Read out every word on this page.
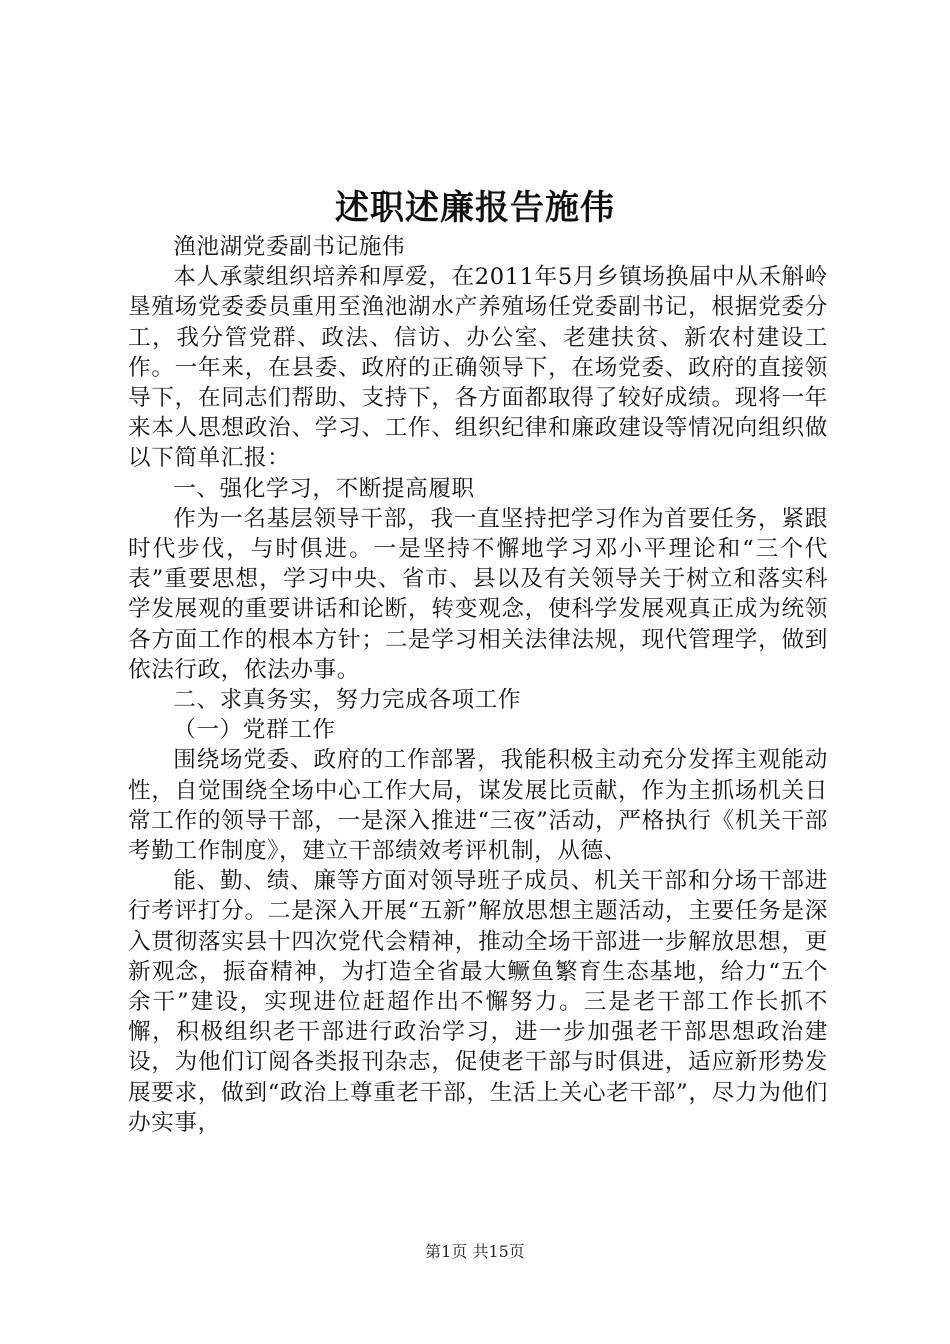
述职述廉报告施伟

渔池湖党委副书记施伟

本人承蒙组织培养和厚爱，在2011年5月乡镇场换届中从禾斛岭垦殖场党委委员重用至渔池湖水产养殖场任党委副书记，根据党委分工，我分管党群、政法、信访、办公室、老建扶贫、新农村建设工作。一年来，在县委、政府的正确领导下，在场党委、政府的直接领导下，在同志们帮助、支持下，各方面都取得了较好成绩。现将一年来本人思想政治、学习、工作、组织纪律和廉政建设等情况向组织做以下简单汇报：

一、强化学习，不断提高履职

作为一名基层领导干部，我一直坚持把学习作为首要任务，紧跟时代步伐，与时俱进。一是坚持不懈地学习邓小平理论和“三个代表”重要思想，学习中央、省市、县以及有关领导关于树立和落实科学发展观的重要讲话和论断，转变观念，使科学发展观真正成为统领各方面工作的根本方针；二是学习相关法律法规，现代管理学，做到依法行政，依法办事。

二、求真务实，努力完成各项工作

（一）党群工作

围绕场党委、政府的工作部署，我能积极主动充分发挥主观能动性，自觉围绕全场中心工作大局，谋发展比贡献，作为主抓场机关日常工作的领导干部，一是深入推进“三夜”活动，严格执行《机关干部考勤工作制度》，建立干部绩效考评机制，从德、

能、勤、绩、廉等方面对领导班子成员、机关干部和分场干部进行考评打分。二是深入开展“五新”解放思想主题活动，主要任务是深入贯彻落实县十四次党代会精神，推动全场干部进一步解放思想，更新观念，振奋精神，为打造全省最大鳜鱼繁育生态基地，给力“五个余干”建设，实现进位赶超作出不懈努力。三是老干部工作长抓不懈，积极组织老干部进行政治学习，进一步加强老干部思想政治建设，为他们订阅各类报刊杂志，促使老干部与时俱进，适应新形势发展要求，做到“政治上尊重老干部，生活上关心老干部”，尽力为他们办实事，

第1页 共15页
